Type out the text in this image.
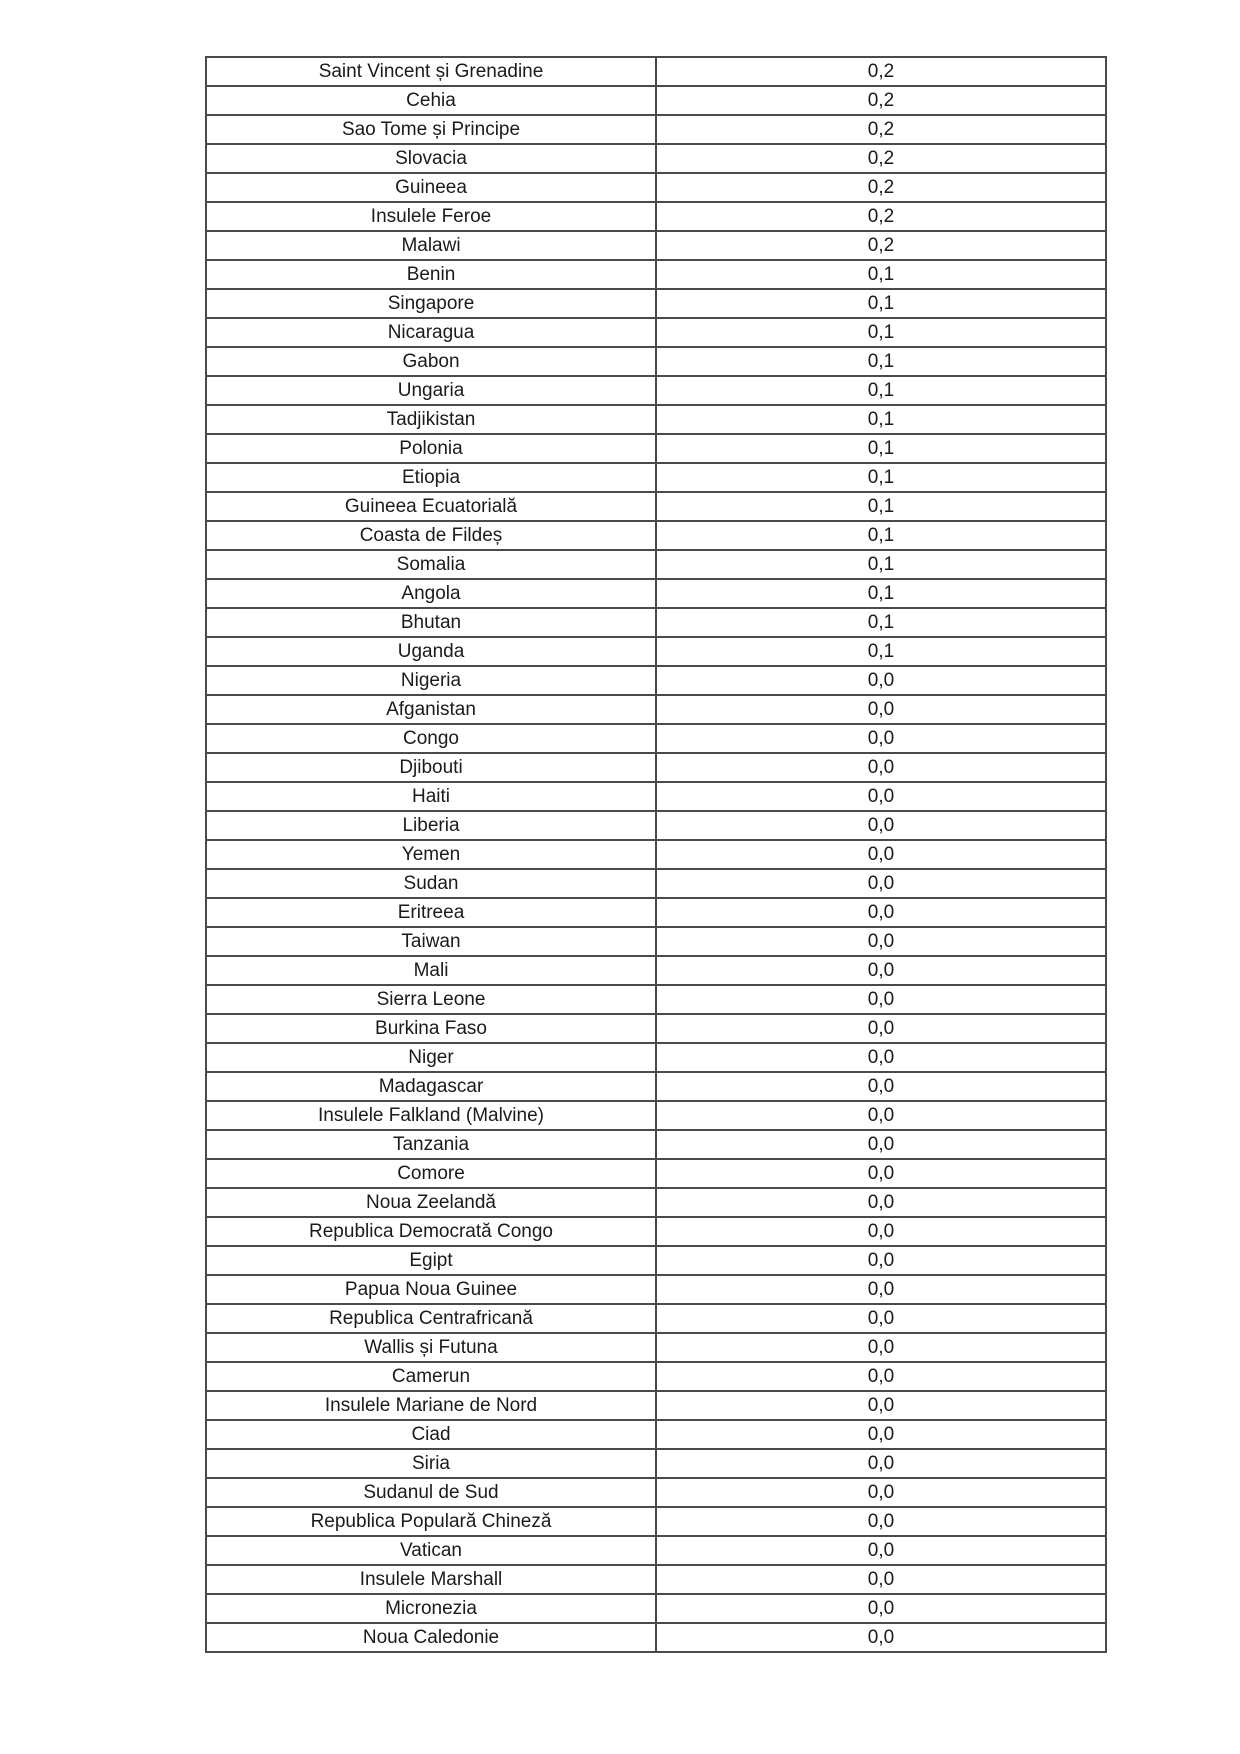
Saint Vincent și Grenadine	0,2
Cehia	0,2
Sao Tome și Principe	0,2
Slovacia	0,2
Guineea	0,2
Insulele Feroe	0,2
Malawi	0,2
Benin	0,1
Singapore	0,1
Nicaragua	0,1
Gabon	0,1
Ungaria	0,1
Tadjikistan	0,1
Polonia	0,1
Etiopia	0,1
Guineea Ecuatorială	0,1
Coasta de Fildeș	0,1
Somalia	0,1
Angola	0,1
Bhutan	0,1
Uganda	0,1
Nigeria	0,0
Afganistan	0,0
Congo	0,0
Djibouti	0,0
Haiti	0,0
Liberia	0,0
Yemen	0,0
Sudan	0,0
Eritreea	0,0
Taiwan	0,0
Mali	0,0
Sierra Leone	0,0
Burkina Faso	0,0
Niger	0,0
Madagascar	0,0
Insulele Falkland (Malvine)	0,0
Tanzania	0,0
Comore	0,0
Noua Zeelandă	0,0
Republica Democrată Congo	0,0
Egipt	0,0
Papua Noua Guinee	0,0
Republica Centrafricană	0,0
Wallis și Futuna	0,0
Camerun	0,0
Insulele Mariane de Nord	0,0
Ciad	0,0
Siria	0,0
Sudanul de Sud	0,0
Republica Populară Chineză	0,0
Vatican	0,0
Insulele Marshall	0,0
Micronezia	0,0
Noua Caledonie	0,0
